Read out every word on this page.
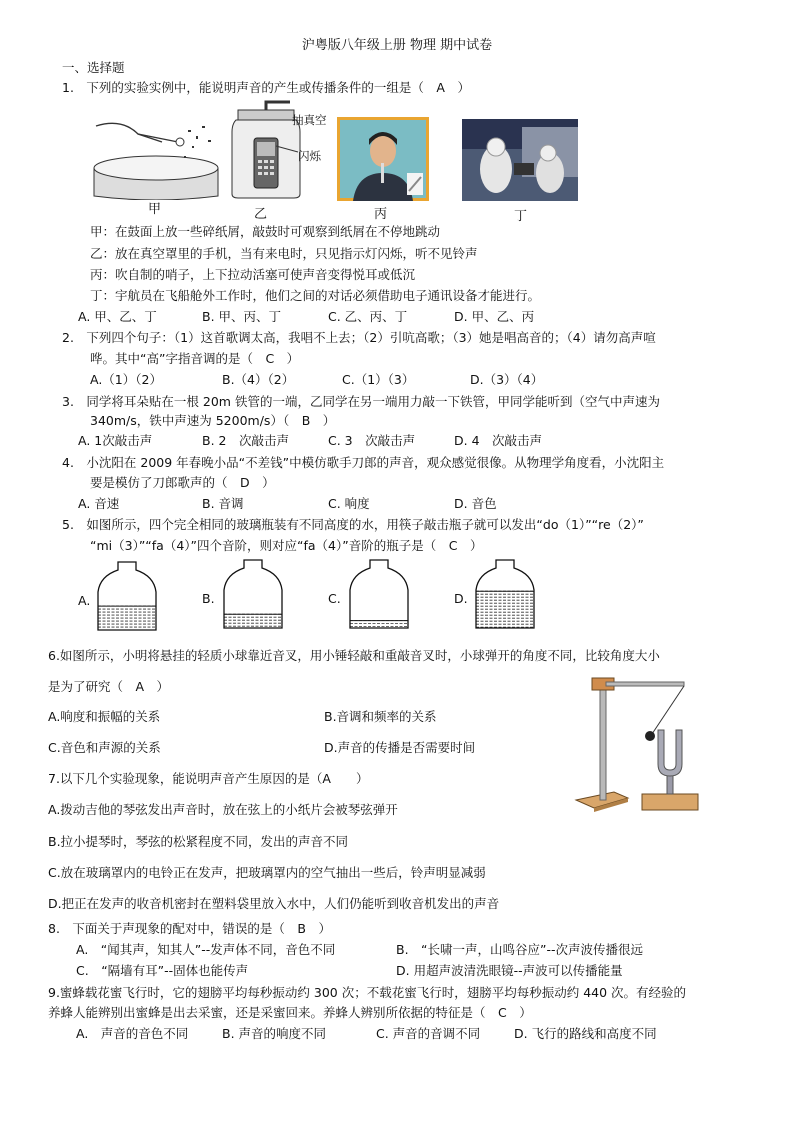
沪粤版八年级上册 物理 期中试卷
一、选择题
1.　下列的实验实例中，能说明声音的产生或传播条件的一组是（　A　）
甲
抽真空
闪烁
乙	丙	丁
甲：在鼓面上放一些碎纸屑，敲鼓时可观察到纸屑在不停地跳动
乙：放在真空罩里的手机，当有来电时，只见指示灯闪烁，听不见铃声
丙：吹自制的哨子，上下拉动活塞可使声音变得悦耳或低沉
丁：宇航员在飞船舱外工作时，他们之间的对话必须借助电子通讯设备才能进行。
A. 甲、乙、丁	B. 甲、丙、丁	C. 乙、丙、丁	D. 甲、乙、丙
2.　下列四个句子：（1）这首歌调太高，我唱不上去；（2）引吭高歌；（3）她是唱高音的；（4）请勿高声喧
哗。其中“高”字指音调的是（　C　）
A.（1）（2）	B.（4）（2）	C.（1）（3）	D.（3）（4）
3.　同学将耳朵贴在一根 20m 铁管的一端，乙同学在另一端用力敲一下铁管，甲同学能听到（空气中声速为
340m/s，铁中声速为 5200m/s）（　B　）
A. 1次敲击声	B. 2　次敲击声	C. 3　次敲击声	D. 4　次敲击声
4.　小沈阳在 2009 年春晚小品“不差钱”中模仿歌手刀郎的声音，观众感觉很像。从物理学角度看，小沈阳主
要是模仿了刀郎歌声的（　D　）
A. 音速	B. 音调	C. 响度	D. 音色
5.　如图所示，四个完全相同的玻璃瓶装有不同高度的水，用筷子敲击瓶子就可以发出“do（1）”“re（2）”
“mi（3）”“fa（4）”四个音阶，则对应“fa（4）”音阶的瓶子是（　C　）
A.	B.	C.	D.
6.如图所示，小明将悬挂的轻质小球靠近音叉，用小锤轻敲和重敲音叉时，小球弹开的角度不同，比较角度大小
是为了研究（　A　）
A.响度和振幅的关系	B.音调和频率的关系
C.音色和声源的关系	D.声音的传播是否需要时间
7.以下几个实验现象，能说明声音产生原因的是（A　　）
A.拨动吉他的琴弦发出声音时，放在弦上的小纸片会被琴弦弹开
B.拉小提琴时，琴弦的松紧程度不同，发出的声音不同
C.放在玻璃罩内的电铃正在发声，把玻璃罩内的空气抽出一些后，铃声明显减弱
D.把正在发声的收音机密封在塑料袋里放入水中，人们仍能听到收音机发出的声音
8.　下面关于声现象的配对中，错误的是（　B　）
A.　“闻其声，知其人”--发声体不同，音色不同	B.　“长啸一声，山鸣谷应”--次声波传播很远
C.　“隔墙有耳”--固体也能传声	D. 用超声波清洗眼镜--声波可以传播能量
9.蜜蜂载花蜜飞行时，它的翅膀平均每秒振动约 300 次；不载花蜜飞行时，翅膀平均每秒振动约 440 次。有经验的
养蜂人能辨别出蜜蜂是出去采蜜，还是采蜜回来。养蜂人辨别所依据的特征是（　C　）
A.　声音的音色不同	B. 声音的响度不同	C. 声音的音调不同	D. 飞行的路线和高度不同
